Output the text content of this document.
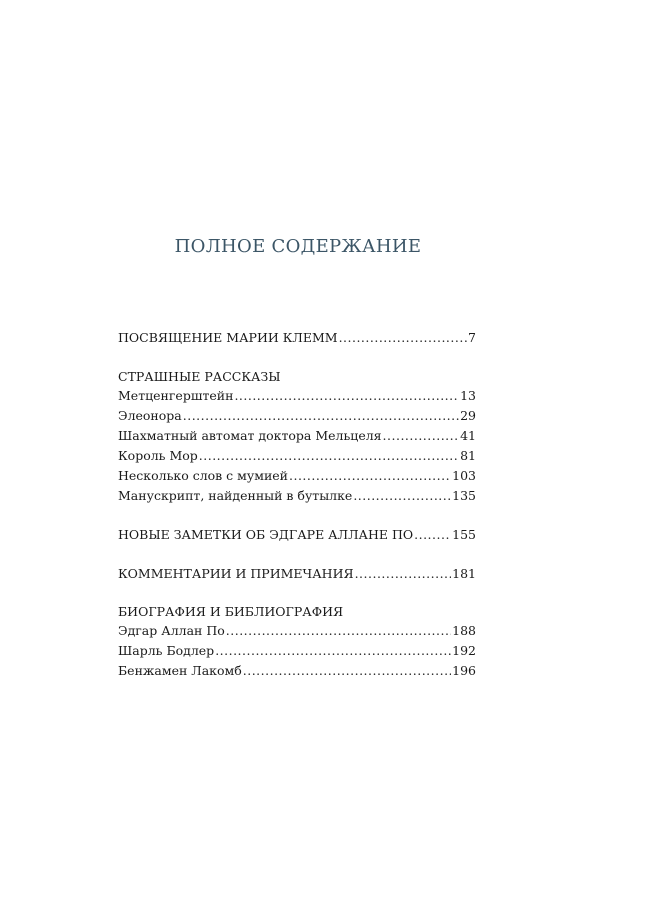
ПОЛНОЕ СОДЕРЖАНИЕ
ПОСВЯЩЕНИЕ МАРИИ КЛЕММ .....	7
СТРАШНЫЕ РАССКАЗЫ
Метценгерштейн .....	13
Элеонора .....	29
Шахматный автомат доктора Мельцеля .....	41
Король Мор .....	81
Несколько слов с мумией .....	103
Манускрипт, найденный в бутылке .....	135
НОВЫЕ ЗАМЕТКИ ОБ ЭДГАРЕ АЛЛАНЕ ПО .....	155
КОММЕНТАРИИ И ПРИМЕЧАНИЯ .....	181
БИОГРАФИЯ И БИБЛИОГРАФИЯ
Эдгар Аллан По .....	188
Шарль Бодлер .....	192
Бенжамен Лакомб .....	196
